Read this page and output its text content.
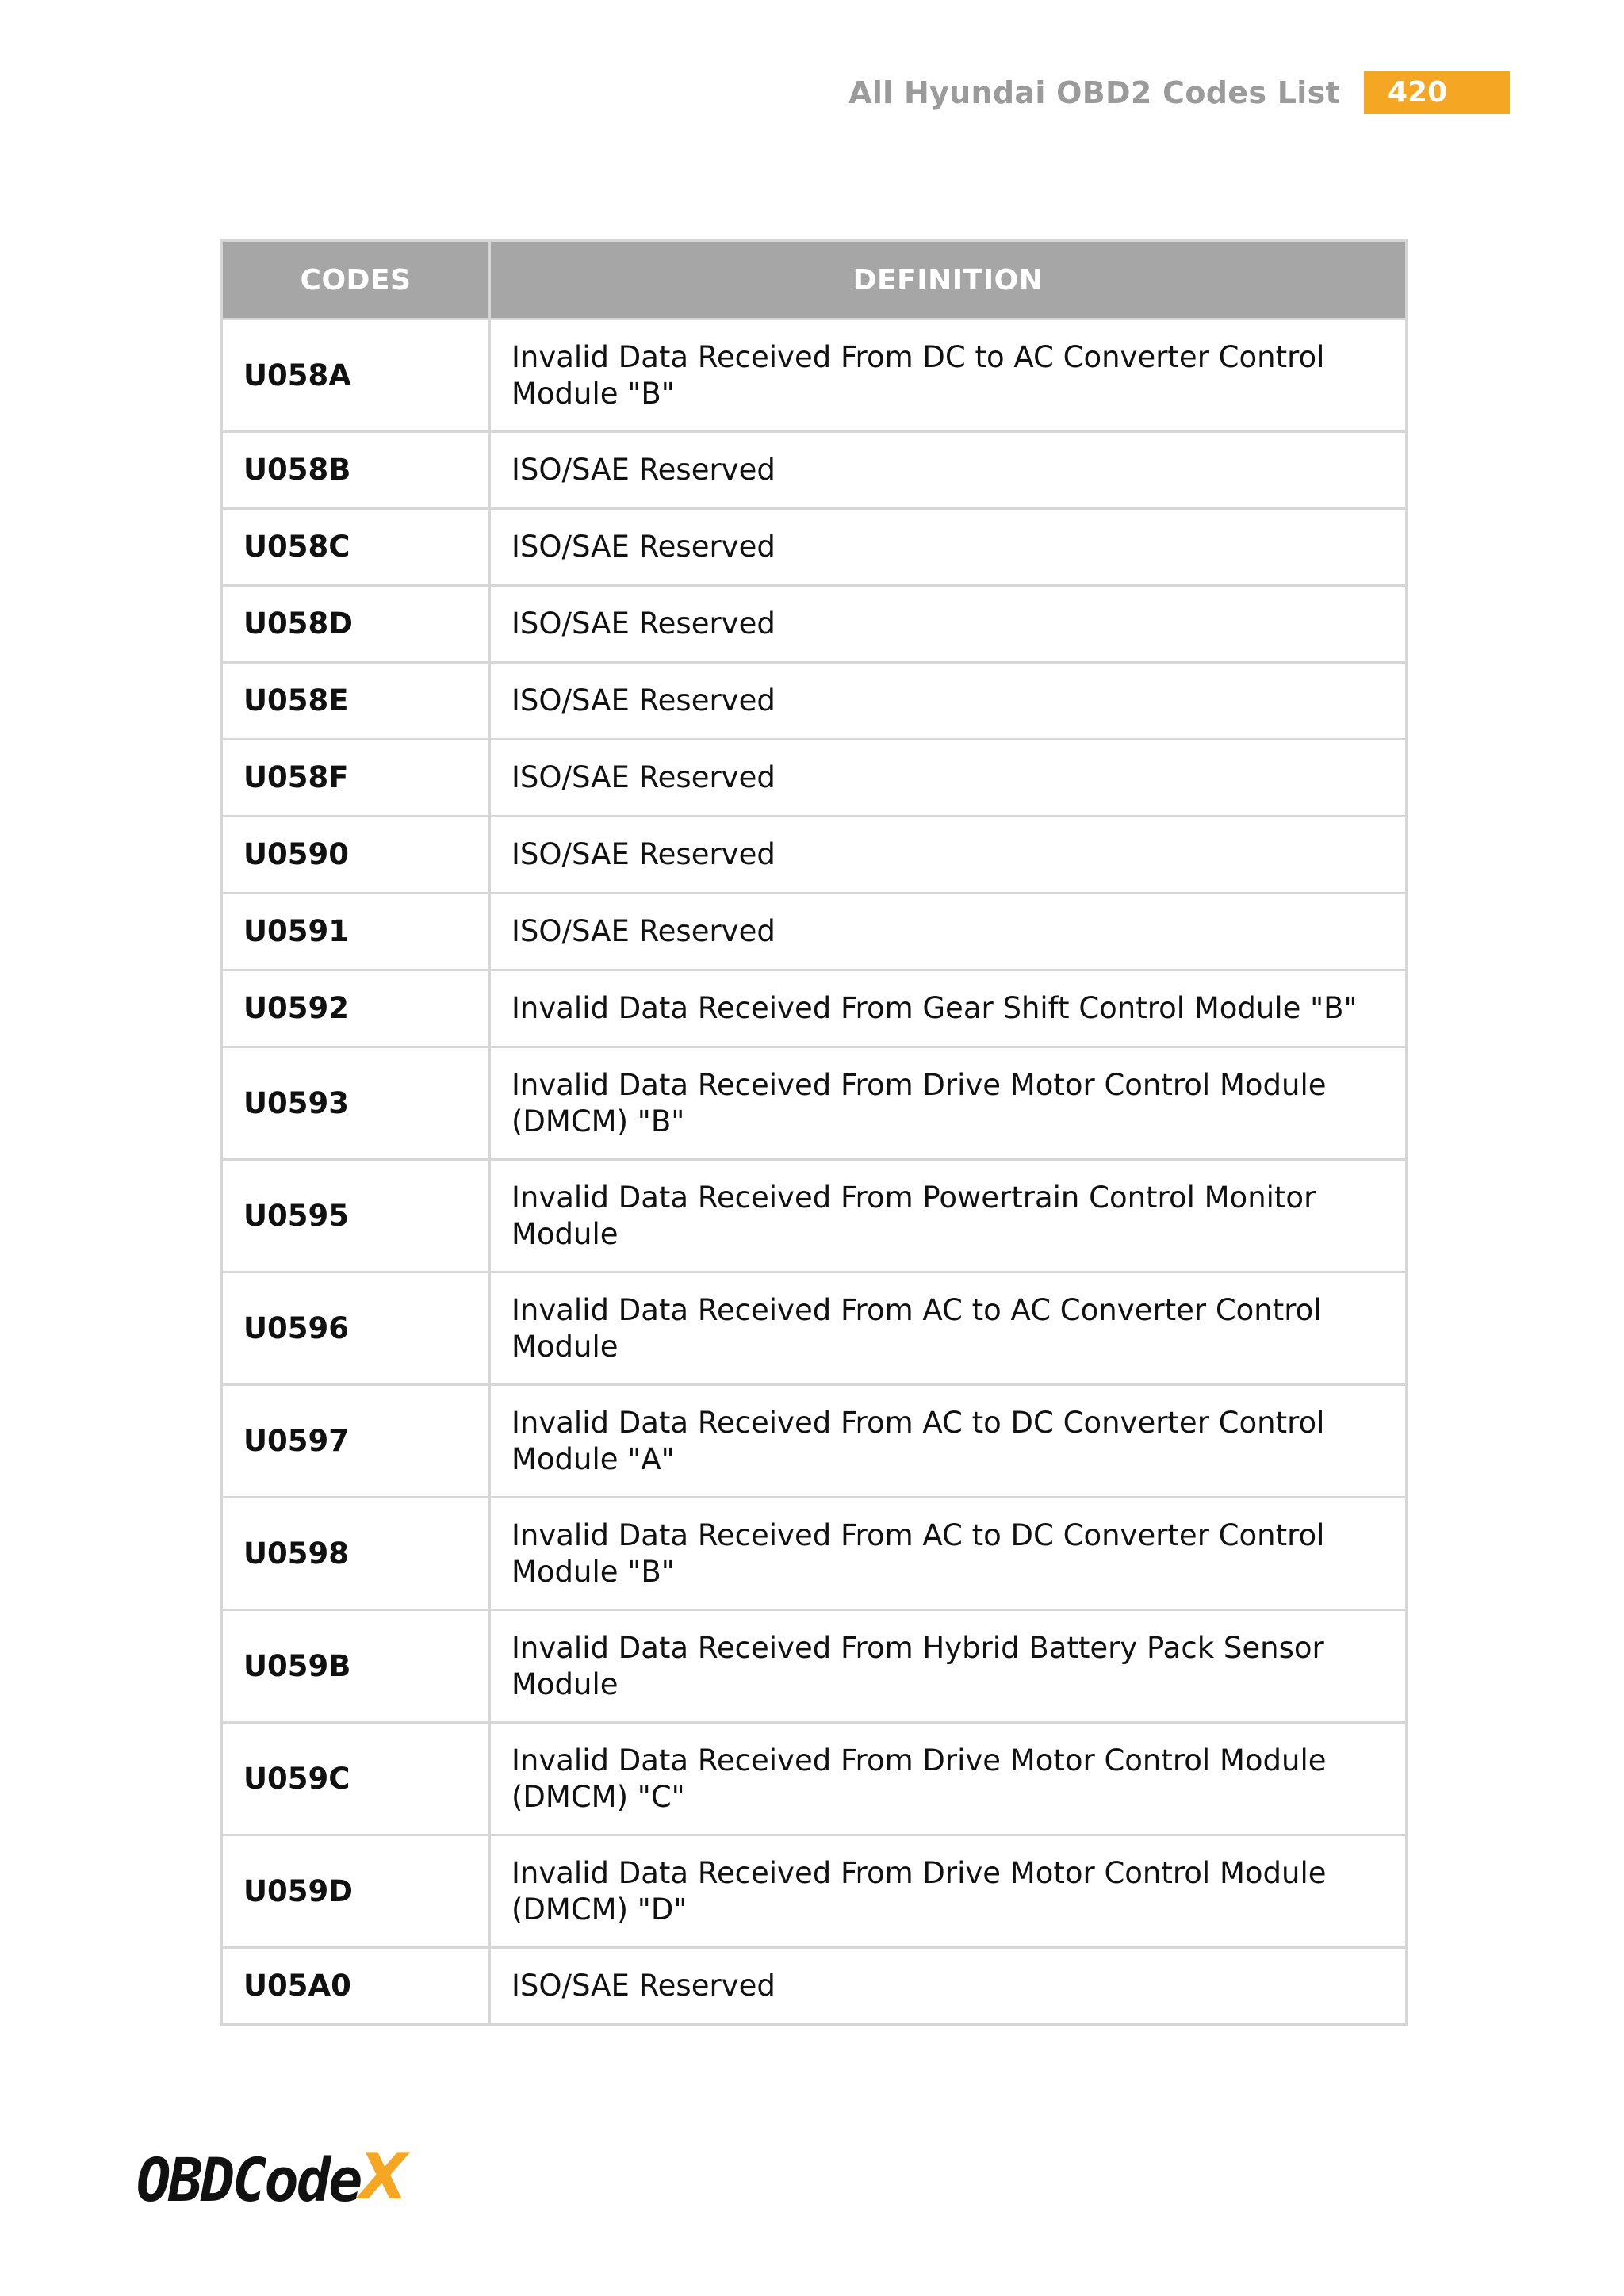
All Hyundai OBD2 Codes List	420
CODES	DEFINITION
U058A	Invalid Data Received From DC to AC Converter Control Module "B"
U058B	ISO/SAE Reserved
U058C	ISO/SAE Reserved
U058D	ISO/SAE Reserved
U058E	ISO/SAE Reserved
U058F	ISO/SAE Reserved
U0590	ISO/SAE Reserved
U0591	ISO/SAE Reserved
U0592	Invalid Data Received From Gear Shift Control Module "B"
U0593	Invalid Data Received From Drive Motor Control Module (DMCM) "B"
U0595	Invalid Data Received From Powertrain Control Monitor Module
U0596	Invalid Data Received From AC to AC Converter Control Module
U0597	Invalid Data Received From AC to DC Converter Control Module "A"
U0598	Invalid Data Received From AC to DC Converter Control Module "B"
U059B	Invalid Data Received From Hybrid Battery Pack Sensor Module
U059C	Invalid Data Received From Drive Motor Control Module (DMCM) "C"
U059D	Invalid Data Received From Drive Motor Control Module (DMCM) "D"
U05A0	ISO/SAE Reserved
OBDCode
X
